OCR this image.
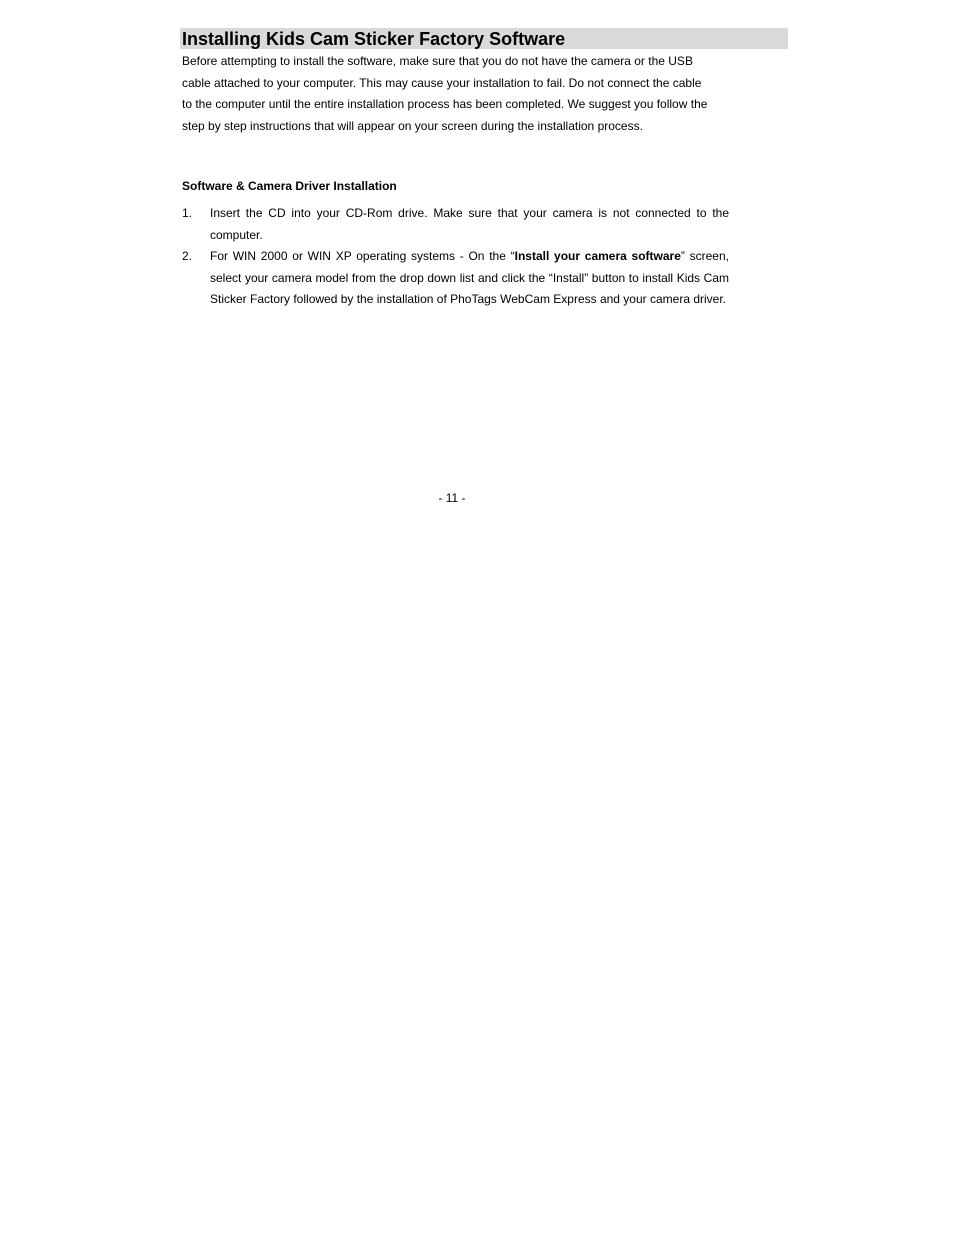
Installing Kids Cam Sticker Factory Software

Before attempting to install the software, make sure that you do not have the camera or the USB
cable attached to your computer. This may cause your installation to fail. Do not connect the cable
to the computer until the entire installation process has been completed. We suggest you follow the
step by step instructions that will appear on your screen during the installation process.

Software & Camera Driver Installation
1. Insert the CD into your CD-Rom drive. Make sure that your camera is not connected to the computer.
2. For WIN 2000 or WIN XP operating systems - On the “Install your camera software” screen, select your camera model from the drop down list and click the “Install” button to install Kids Cam Sticker Factory followed by the installation of PhoTags WebCam Express and your camera driver.
- 11 -
